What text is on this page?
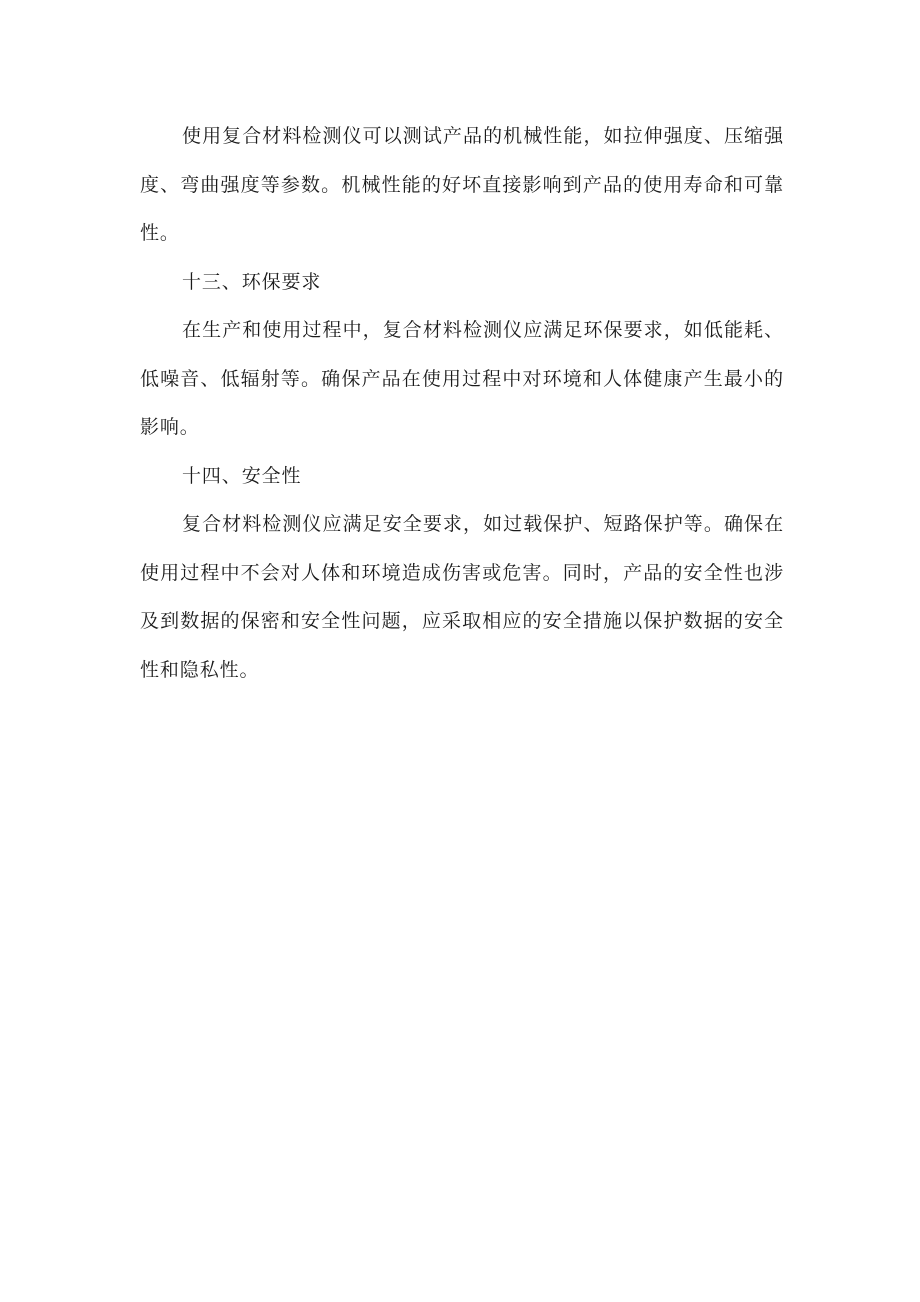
使用复合材料检测仪可以测试产品的机械性能，如拉伸强度、压缩强度、弯曲强度等参数。机械性能的好坏直接影响到产品的使用寿命和可靠性。

十三、环保要求

在生产和使用过程中，复合材料检测仪应满足环保要求，如低能耗、低噪音、低辐射等。确保产品在使用过程中对环境和人体健康产生最小的影响。

十四、安全性

复合材料检测仪应满足安全要求，如过载保护、短路保护等。确保在使用过程中不会对人体和环境造成伤害或危害。同时，产品的安全性也涉及到数据的保密和安全性问题，应采取相应的安全措施以保护数据的安全性和隐私性。
